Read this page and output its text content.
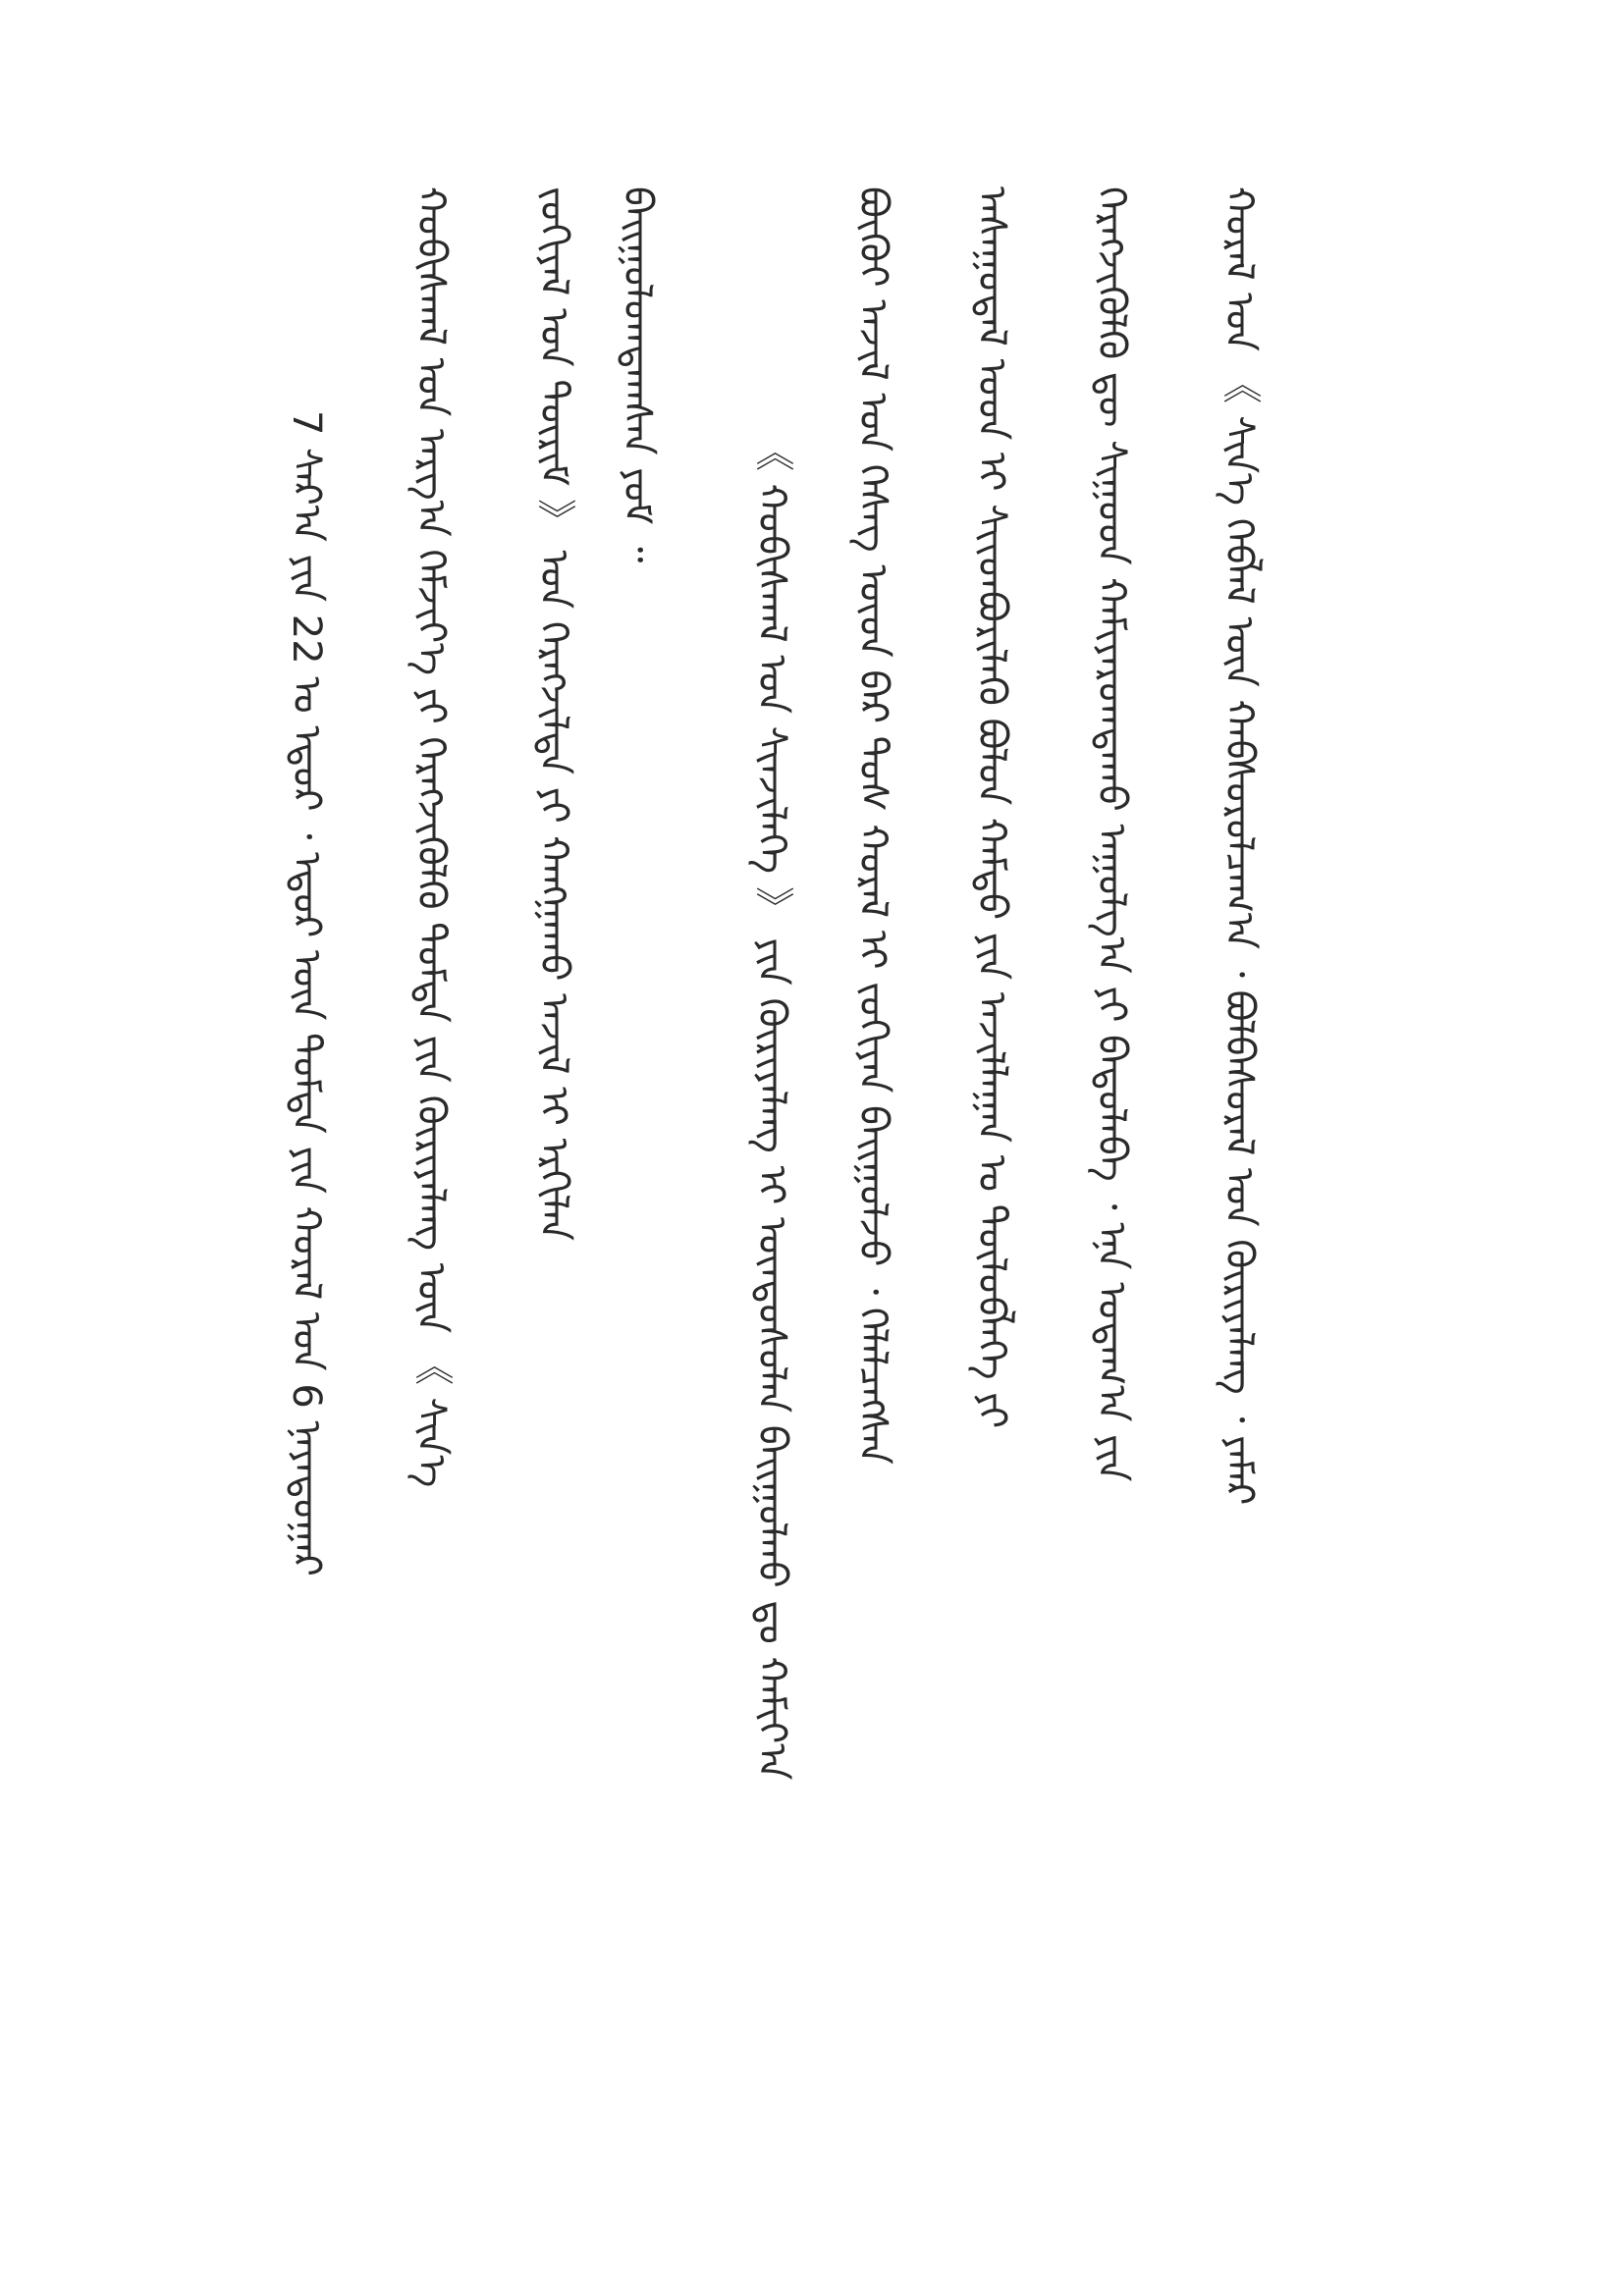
7 ᠰᠠᠷ᠎ᠠ ᠶᠢᠨ 22 ᠤ ᠡᠳᠦᠷ ᠂ ᠡᠳᠦᠷ ᠦᠨ ᠳᠤᠮᠳᠠ ᠶᠢᠨ ᠬᠤᠷᠠᠯ ᠤᠨ 6 ᠨᠠᠶᠠᠳᠤᠭᠠᠷ ᠬᠤᠪᠢᠰᠬᠠᠯ ᠤᠨ ᠠᠷᠭ᠎ᠠ ᠬᠡᠮᠵᠢᠶ᠎ᠡ ᠶᠢ ᠬᠡᠷᠡᠭᠵᠢᠭᠦᠯᠬᠦ ᠳᠤᠮᠳᠠ ᠶᠢᠨ ᠬᠦᠷᠢᠶᠡᠯᠡᠩ ᠦᠨ 《 ᠰᠢᠨ᠎ᠡ ᠵᠣᠬᠢᠶᠠᠯ ᠤᠨ ᠳᠦᠷᠢᠮ 》 ᠤᠨ ᠬᠡᠷᠡᠭᠵᠢᠯᠲᠡ ᠶᠢ ᠬᠠᠩᠭᠠᠬᠤ ᠠᠵᠢᠯ ᠢ ᠡᠷᠬᠢᠯᠡᠨ ᠪᠠᠢᠭᠤᠯᠤᠭᠳᠠᠭᠰᠠᠨ ᠶᠤᠮ ᠃
《 ᠬᠤᠪᠢᠰᠬᠠᠯ ᠤᠨ ᠰᠢᠨᠵᠢᠯᠡᠭᠡ 》 ᠶᠢᠨ ᠬᠦᠷᠢᠶᠡᠯᠡᠩ ᠢ ᠦᠨᠳᠦᠰᠦᠯᠡᠨ ᠪᠠᠢᠭᠤᠯᠬᠤ ᠳᠤ ᠬᠠᠮᠢᠶ᠎ᠠ ᠪᠦᠬᠦᠢ ᠠᠵᠢᠯ ᠤᠨ ᠬᠡᠰᠡᠭ ᠦᠳ ᠪᠡᠷ ᠲᠤᠰ ᠬᠤᠷᠠᠯ ᠢ ᠵᠣᠬᠢᠶᠠᠨ ᠪᠠᠢᠭᠤᠯᠵᠤ ᠂ ᠬᠡᠯᠡᠯᠴᠡᠭᠰᠡᠨ ᠠᠰᠠᠭᠤᠳᠠᠯ ᠤᠳ ᠢ ᠰᠢᠢᠳᠪᠦᠷᠢᠯᠡᠬᠦ ᠪᠣᠯᠤᠨ ᠬᠠᠮᠲᠤ ᠶᠢᠨ ᠠᠵᠢᠯᠯᠠᠭᠠᠨ ᠤ ᠲᠦᠯᠦᠪᠯᠡᠭᠡ ᠶᠢ ᠬᠡᠷᠡᠭᠵᠢᠭᠦᠯᠬᠦ ᠳᠦ ᠰᠢᠭᠤᠳ ᠬᠠᠮᠢᠶᠠᠷᠤᠭᠳᠠᠬᠤ ᠠᠭᠤᠯᠭ᠎ᠠ ᠶᠢ ᠪᠠᠲᠤᠯᠠᠪᠠ ᠂ ᠡᠨᠡ ᠤᠳᠠᠭ᠎ᠠ ᠶᠢᠨ ᠬᠤᠷᠠᠯ ᠤᠨ 《 ᠰᠢᠨ᠎ᠡ ᠬᠡᠪᠯᠡᠯ ᠦᠨ ᠬᠠᠪᠰᠤᠷᠤᠯᠴᠠᠭ᠎ᠠ ᠂ ᠪᠣᠯᠪᠠᠰᠤᠷᠠᠯ ᠤᠨ ᠬᠦᠷᠢᠶᠡᠯᠡᠩ ᠂ ᠶᠠᠮᠠᠷ
